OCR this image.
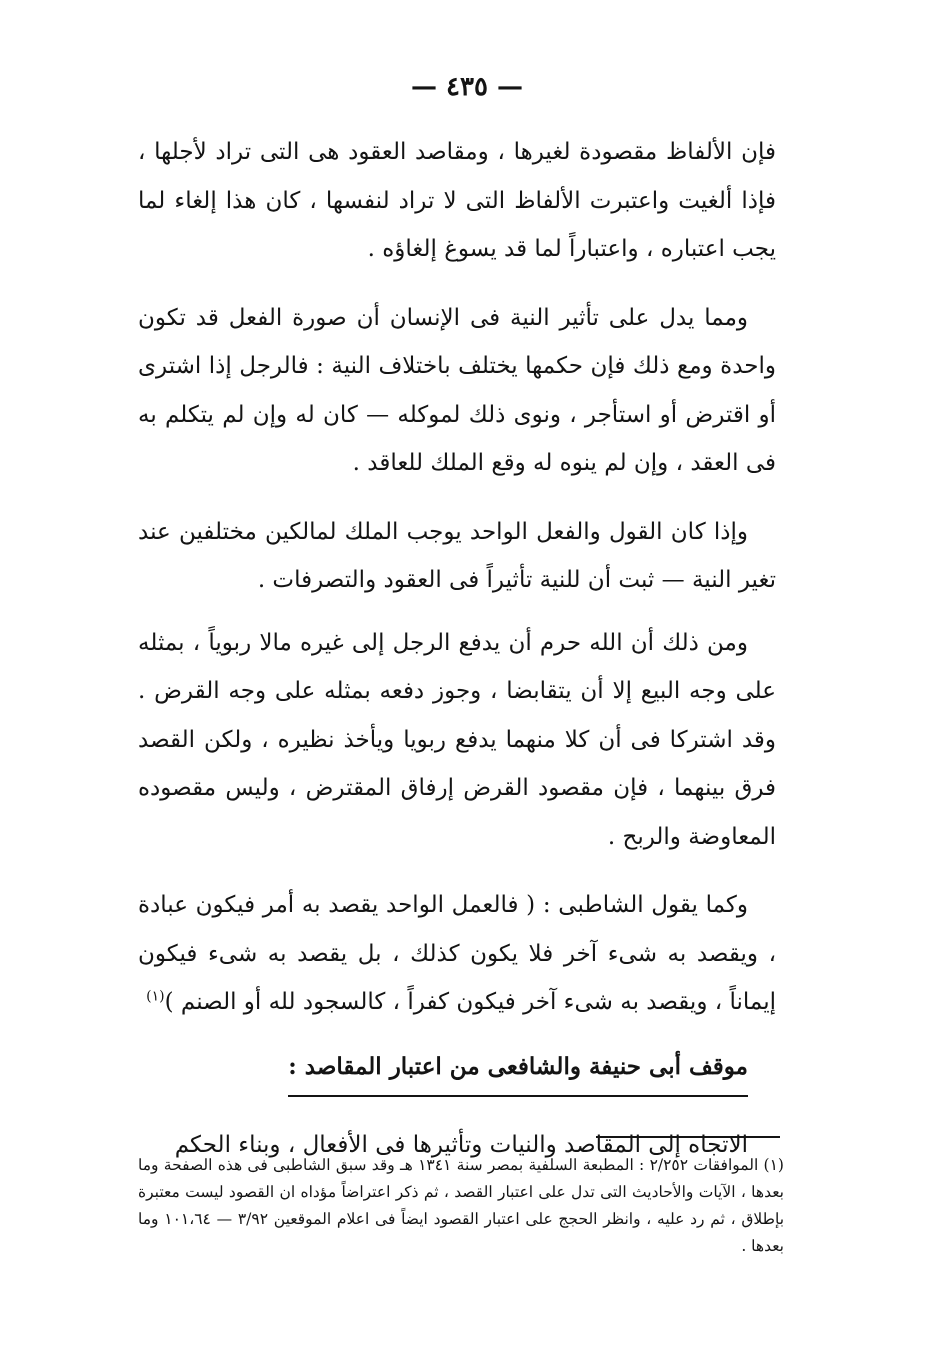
— ٤٣٥ —

فإن الألفاظ مقصودة لغيرها ، ومقاصد العقود هى التى تراد لأجلها ، فإذا ألغيت واعتبرت الألفاظ التى لا تراد لنفسها ، كان هذا إلغاء لما يجب اعتباره ، واعتباراً لما قد يسوغ إلغاؤه .

ومما يدل على تأثير النية فى الإنسان أن صورة الفعل قد تكون واحدة ومع ذلك فإن حكمها يختلف باختلاف النية : فالرجل إذا اشترى أو اقترض أو استأجر ، ونوى ذلك لموكله — كان له وإن لم يتكلم به فى العقد ، وإن لم ينوه له وقع الملك للعاقد .

وإذا كان القول والفعل الواحد يوجب الملك لمالكين مختلفين عند تغير النية — ثبت أن للنية تأثيراً فى العقود والتصرفات .

ومن ذلك أن الله حرم أن يدفع الرجل إلى غيره مالا ربوياً ، بمثله على وجه البيع إلا أن يتقابضا ، وجوز دفعه بمثله على وجه القرض . وقد اشتركا فى أن كلا منهما يدفع ربويا ويأخذ نظيره ، ولكن القصد فرق بينهما ، فإن مقصود القرض إرفاق المقترض ، وليس مقصوده المعاوضة والربح .

وكما يقول الشاطبى : ( فالعمل الواحد يقصد به أمر فيكون عبادة ، ويقصد به شىء آخر فلا يكون كذلك ، بل يقصد به شىء فيكون إيماناً ، ويقصد به شىء آخر فيكون كفراً ، كالسجود لله أو الصنم )$^{(١)}$

موقف أبى حنيفة والشافعى من اعتبار المقاصد :

الاتجاه إلى المقاصد والنيات وتأثيرها فى الأفعال ، وبناء الحكم

(١) الموافقات ٢/٢٥٢ : المطبعة السلفية بمصر سنة ١٣٤١ هـ وقد سبق الشاطبى فى هذه الصفحة وما بعدها ، الآيات والأحاديث التى تدل على اعتبار القصد ، ثم ذكر اعتراضاً مؤداه ان القصود ليست معتبرة بإطلاق ، ثم رد عليه ، وانظر الحجج على اعتبار القصود ايضاً فى اعلام الموقعين ٣/٩٢ — ١٠١،٦٤ وما بعدها .
